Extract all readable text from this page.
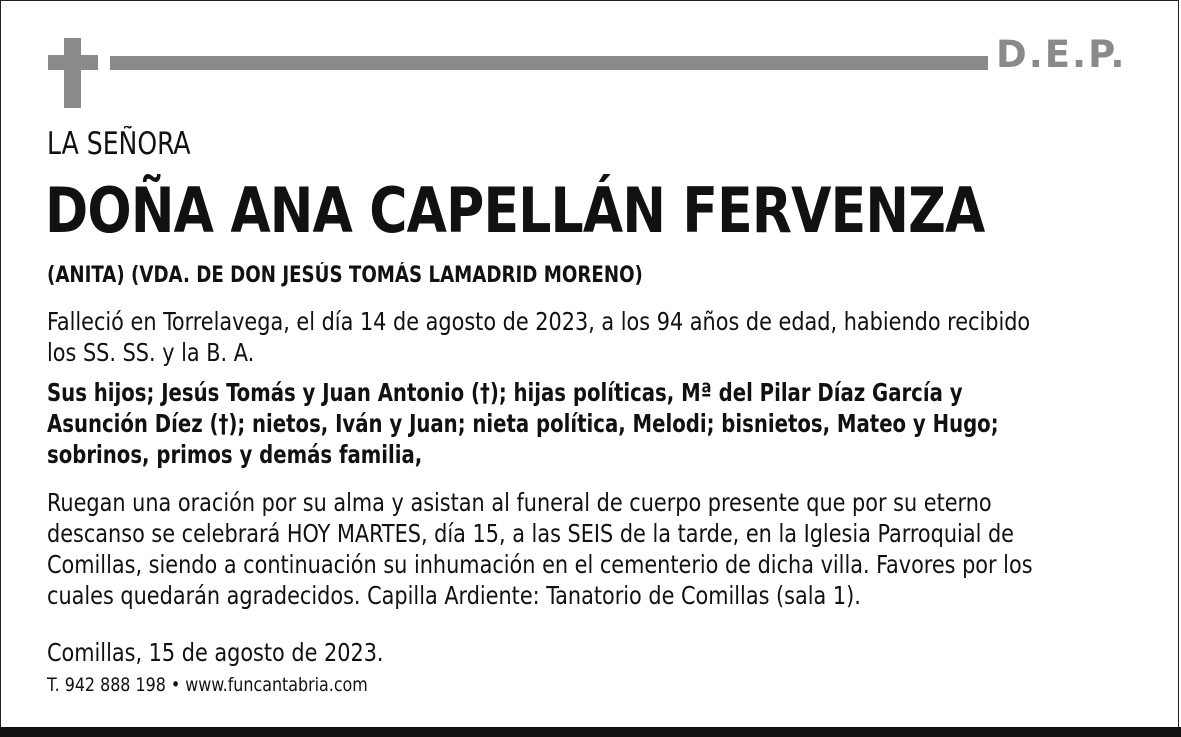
D.E.P.
LA SEÑORA
DOÑA ANA CAPELLÁN FERVENZA
(ANITA) (VDA. DE DON JESÚS TOMÁS LAMADRID MORENO)
Falleció en Torrelavega, el día 14 de agosto de 2023, a los 94 años de edad, habiendo recibido los SS. SS. y la B. A.
Sus hijos; Jesús Tomás y Juan Antonio (†); hijas políticas, Mª del Pilar Díaz García y Asunción Díez (†); nietos, Iván y Juan; nieta política, Melodi; bisnietos, Mateo y Hugo; sobrinos, primos y demás familia,
Ruegan una oración por su alma y asistan al funeral de cuerpo presente que por su eterno descanso se celebrará HOY MARTES, día 15, a las SEIS de la tarde, en la Iglesia Parroquial de Comillas, siendo a continuación su inhumación en el cementerio de dicha villa. Favores por los cuales quedarán agradecidos. Capilla Ardiente: Tanatorio de Comillas (sala 1).
Comillas, 15 de agosto de 2023.
T. 942 888 198 • www.funcantabria.com
